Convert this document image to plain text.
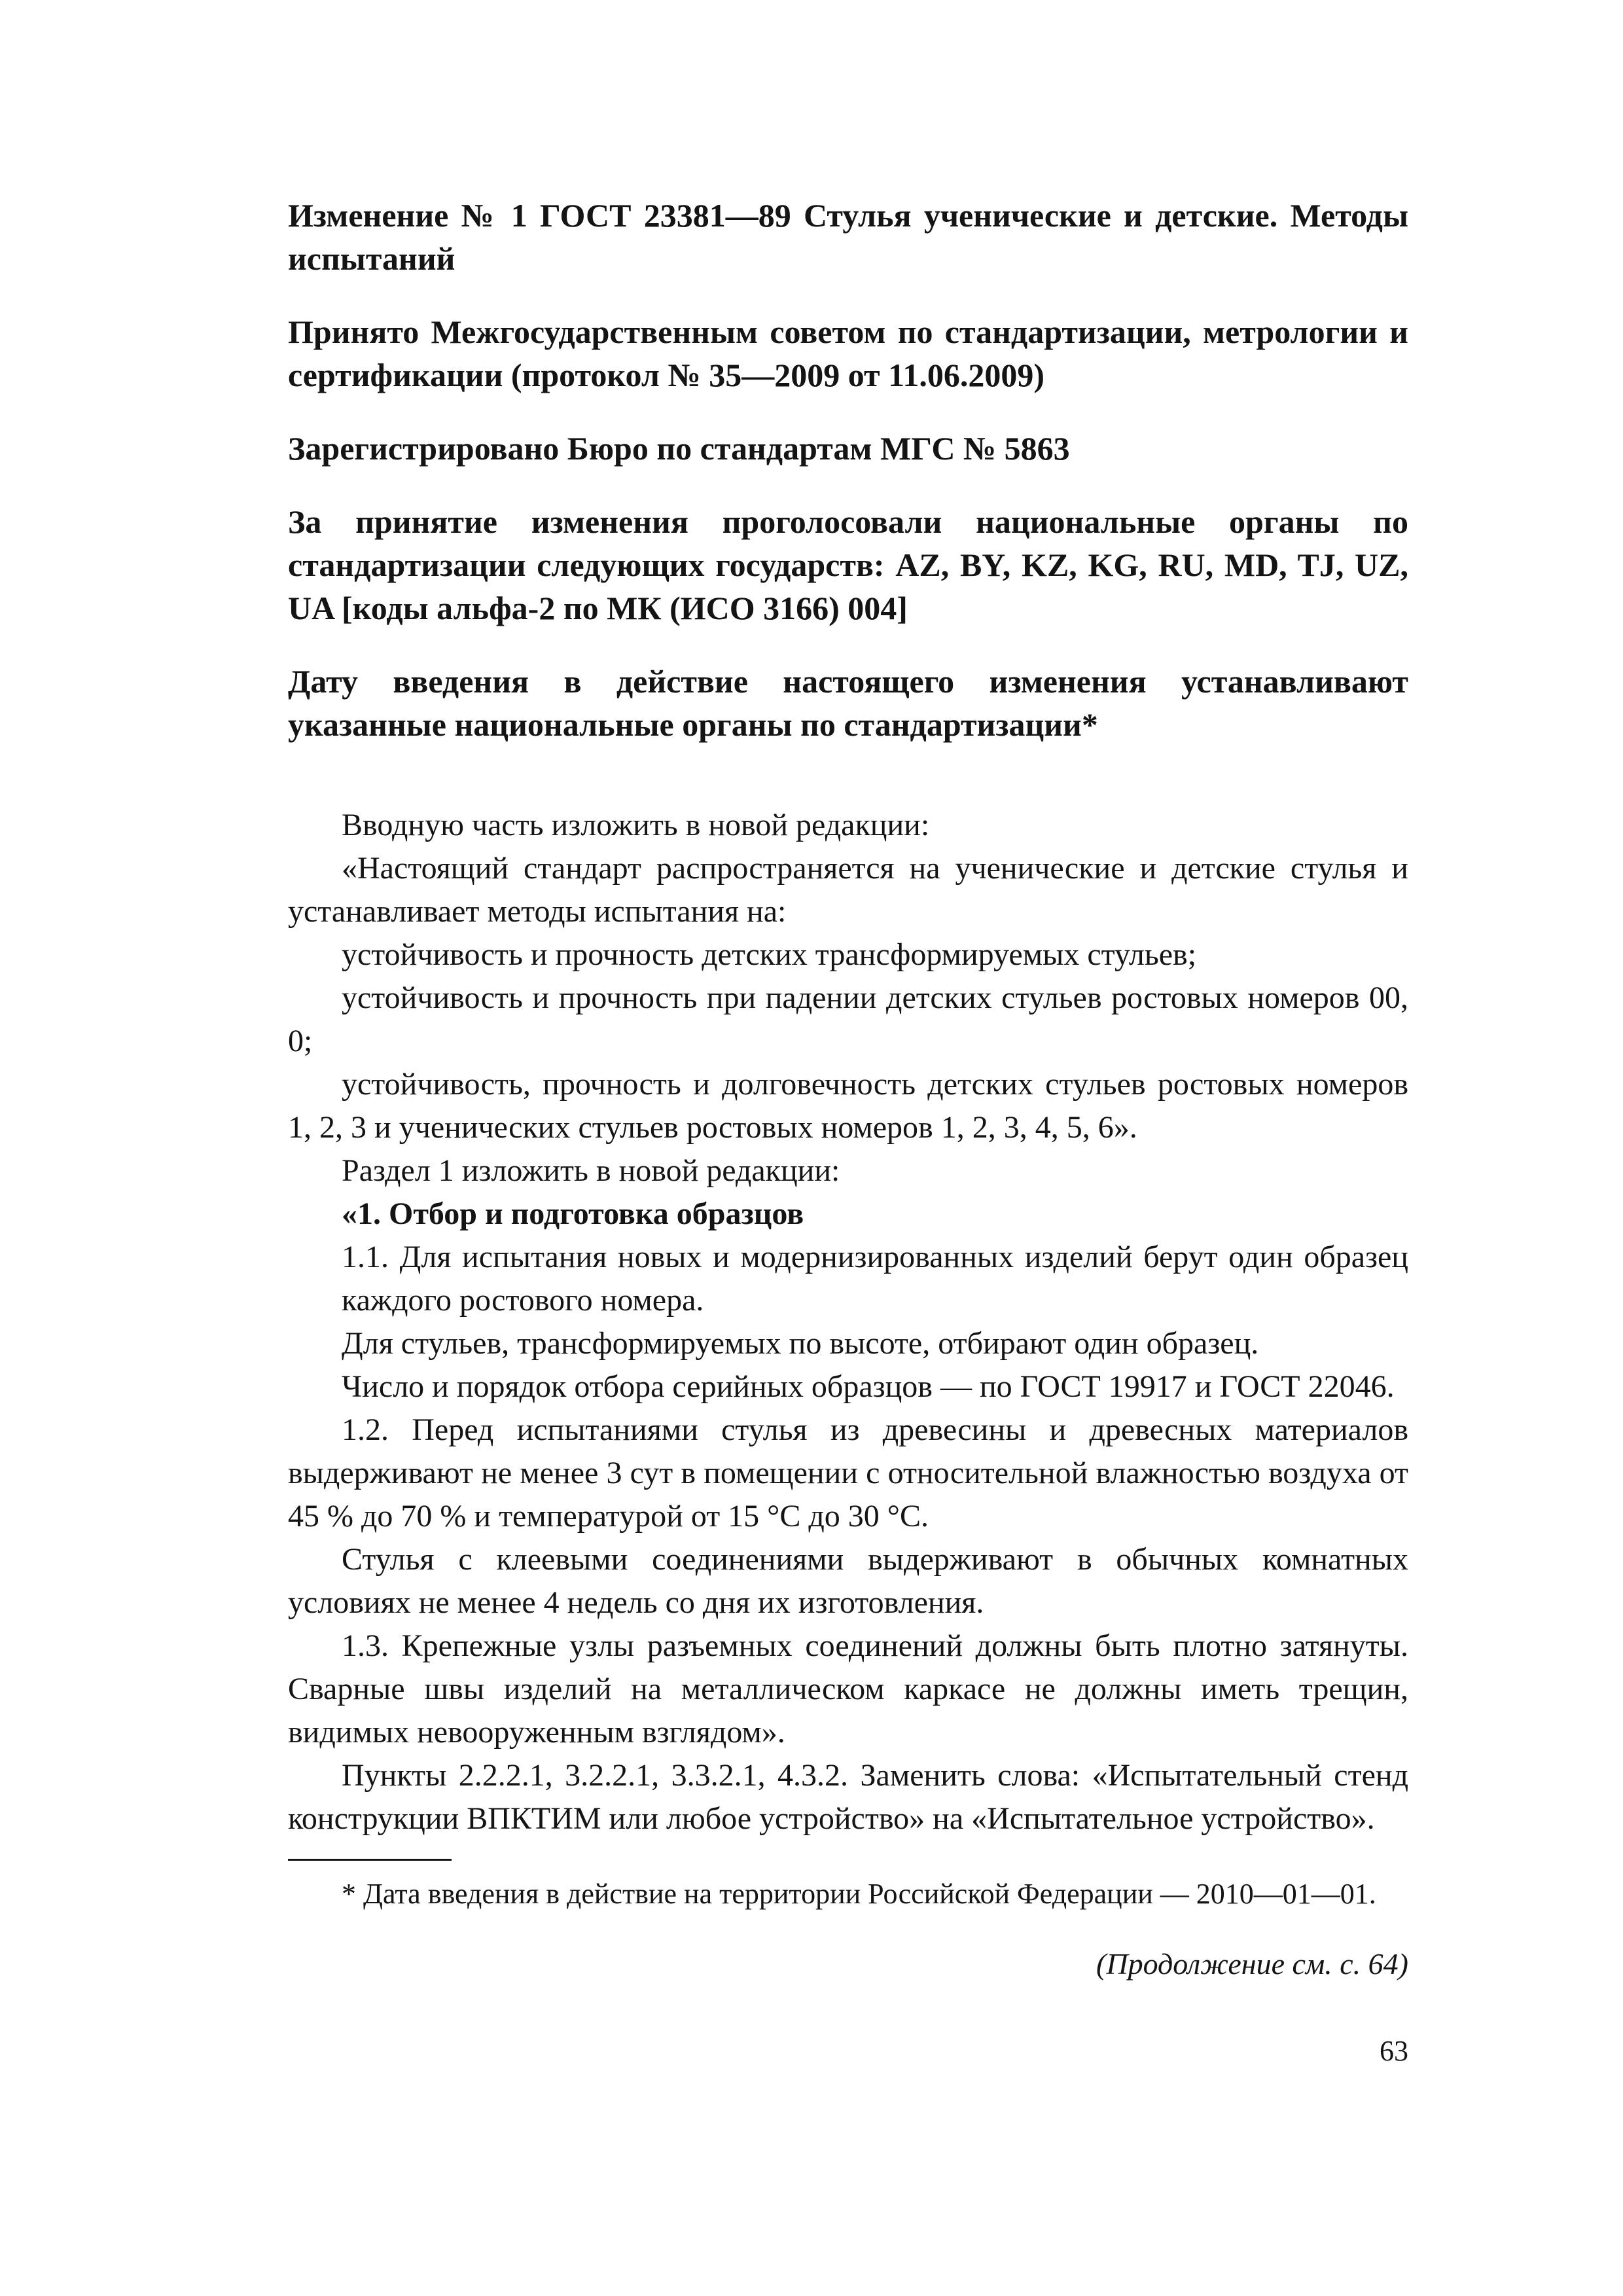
Изменение № 1 ГОСТ 23381—89 Стулья ученические и детские. Методы испытаний

Принято Межгосударственным советом по стандартизации, метрологии и сертификации (протокол № 35—2009 от 11.06.2009)

Зарегистрировано Бюро по стандартам МГС № 5863

За принятие изменения проголосовали национальные органы по стандартизации следующих государств: AZ, BY, KZ, KG, RU, MD, TJ, UZ, UA [коды альфа-2 по МК (ИСО 3166) 004]

Дату введения в действие настоящего изменения устанавливают указанные национальные органы по стандартизации*

Вводную часть изложить в новой редакции:

«Настоящий стандарт распространяется на ученические и детские стулья и устанавливает методы испытания на:

устойчивость и прочность детских трансформируемых стульев;

устойчивость и прочность при падении детских стульев ростовых номеров 00, 0;

устойчивость, прочность и долговечность детских стульев ростовых номеров 1, 2, 3 и ученических стульев ростовых номеров 1, 2, 3, 4, 5, 6».

Раздел 1 изложить в новой редакции:

«1. Отбор и подготовка образцов

1.1. Для испытания новых и модернизированных изделий берут один образец каждого ростового номера.

Для стульев, трансформируемых по высоте, отбирают один образец.

Число и порядок отбора серийных образцов — по ГОСТ 19917 и ГОСТ 22046.

1.2. Перед испытаниями стулья из древесины и древесных материалов выдерживают не менее 3 сут в помещении с относительной влажностью воздуха от 45 % до 70 % и температурой от 15 °С до 30 °С.

Стулья с клеевыми соединениями выдерживают в обычных комнатных условиях не менее 4 недель со дня их изготовления.

1.3. Крепежные узлы разъемных соединений должны быть плотно затянуты. Сварные швы изделий на металлическом каркасе не должны иметь трещин, видимых невооруженным взглядом».

Пункты 2.2.2.1, 3.2.2.1, 3.3.2.1, 4.3.2. Заменить слова: «Испытательный стенд конструкции ВПКТИМ или любое устройство» на «Испытательное устройство».

* Дата введения в действие на территории Российской Федерации — 2010—01—01.

(Продолжение см. с. 64)

63
